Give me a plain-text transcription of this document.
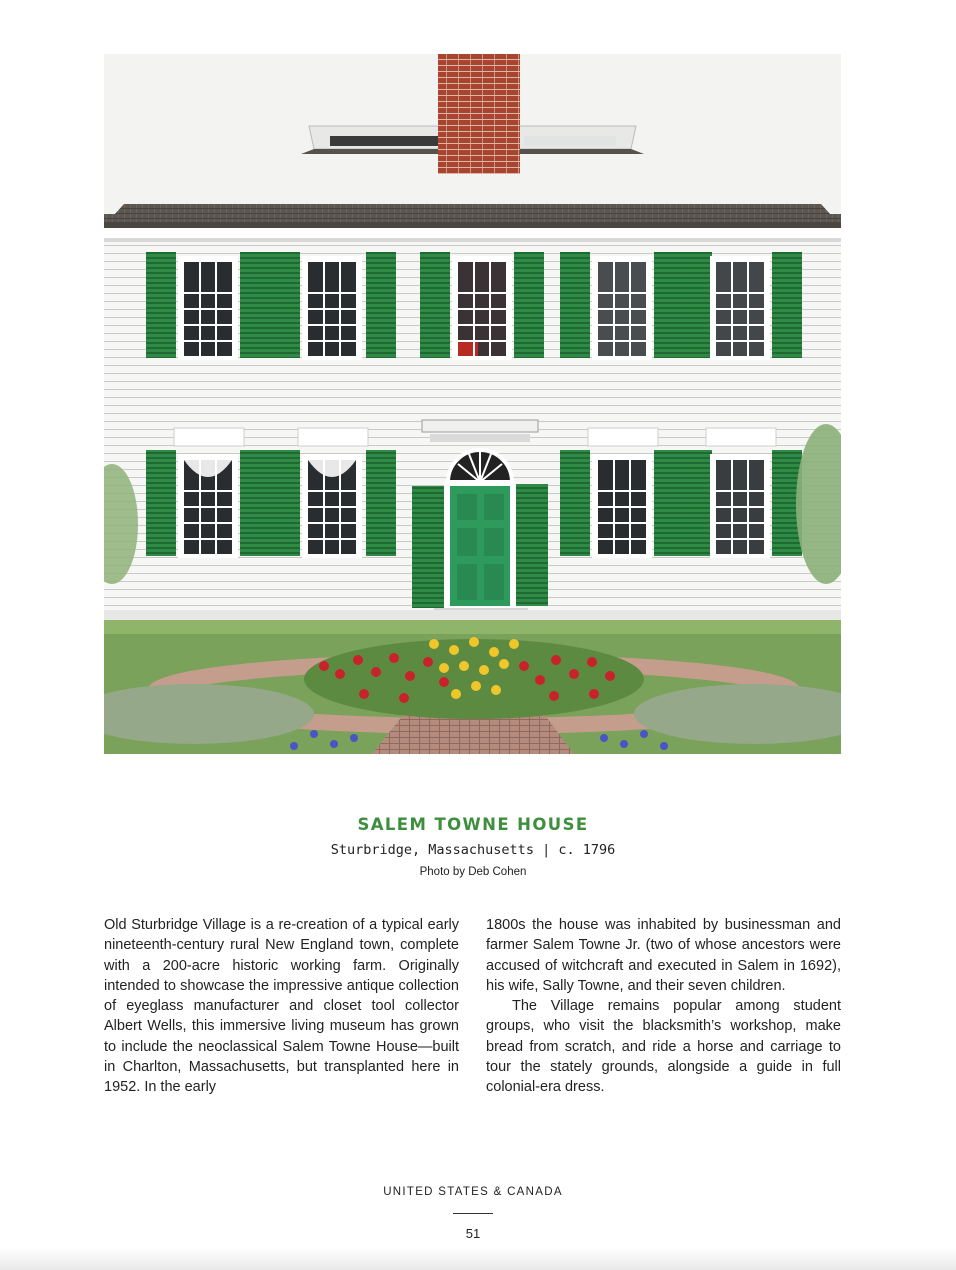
SALEM TOWNE HOUSE
Sturbridge, Massachusetts | c. 1796
Photo by Deb Cohen

Old Sturbridge Village is a re-creation of a typical early nineteenth-century rural New England town, complete with a 200-acre historic working farm. Originally intended to showcase the impressive antique collection of eyeglass manufacturer and closet tool collector Albert Wells, this immersive living museum has grown to include the neoclassical Salem Towne House—built in Charlton, Massachusetts, but transplanted here in 1952. In the early

1800s the house was inhabited by businessman and farmer Salem Towne Jr. (two of whose ancestors were accused of witchcraft and executed in Salem in 1692), his wife, Sally Towne, and their seven children.

The Village remains popular among student groups, who visit the blacksmith’s workshop, make bread from scratch, and ride a horse and carriage to tour the stately grounds, alongside a guide in full colonial-era dress.

UNITED STATES & CANADA
51
